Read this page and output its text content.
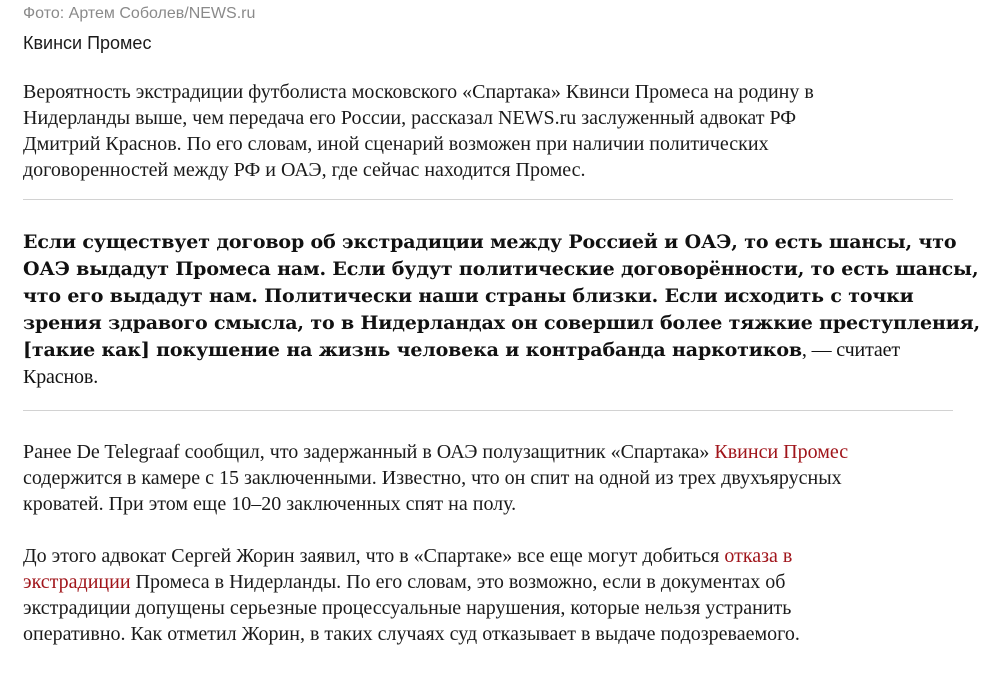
Фото: Артем Соболев/NEWS.ru
Квинси Промес

Вероятность экстрадиции футболиста московского «Спартака» Квинси Промеса на родину в
Нидерланды выше, чем передача его России, рассказал NEWS.ru заслуженный адвокат РФ
Дмитрий Краснов. По его словам, иной сценарий возможен при наличии политических
договоренностей между РФ и ОАЭ, где сейчас находится Промес.

Если существует договор об экстрадиции между Россией и ОАЭ, то есть шансы, что
ОАЭ выдадут Промеса нам. Если будут политические договорённости, то есть шансы,
что его выдадут нам. Политически наши страны близки. Если исходить с точки
зрения здравого смысла, то в Нидерландах он совершил более тяжкие преступления,
[такие как] покушение на жизнь человека и контрабанда наркотиков, — считает
Краснов.

Ранее De Telegraaf сообщил, что задержанный в ОАЭ полузащитник «Спартака» Квинси Промес
содержится в камере с 15 заключенными. Известно, что он спит на одной из трех двухъярусных
кроватей. При этом еще 10–20 заключенных спят на полу.

До этого адвокат Сергей Жорин заявил, что в «Спартаке» все еще могут добиться отказа в
экстрадиции Промеса в Нидерланды. По его словам, это возможно, если в документах об
экстрадиции допущены серьезные процессуальные нарушения, которые нельзя устранить
оперативно. Как отметил Жорин, в таких случаях суд отказывает в выдаче подозреваемого.
